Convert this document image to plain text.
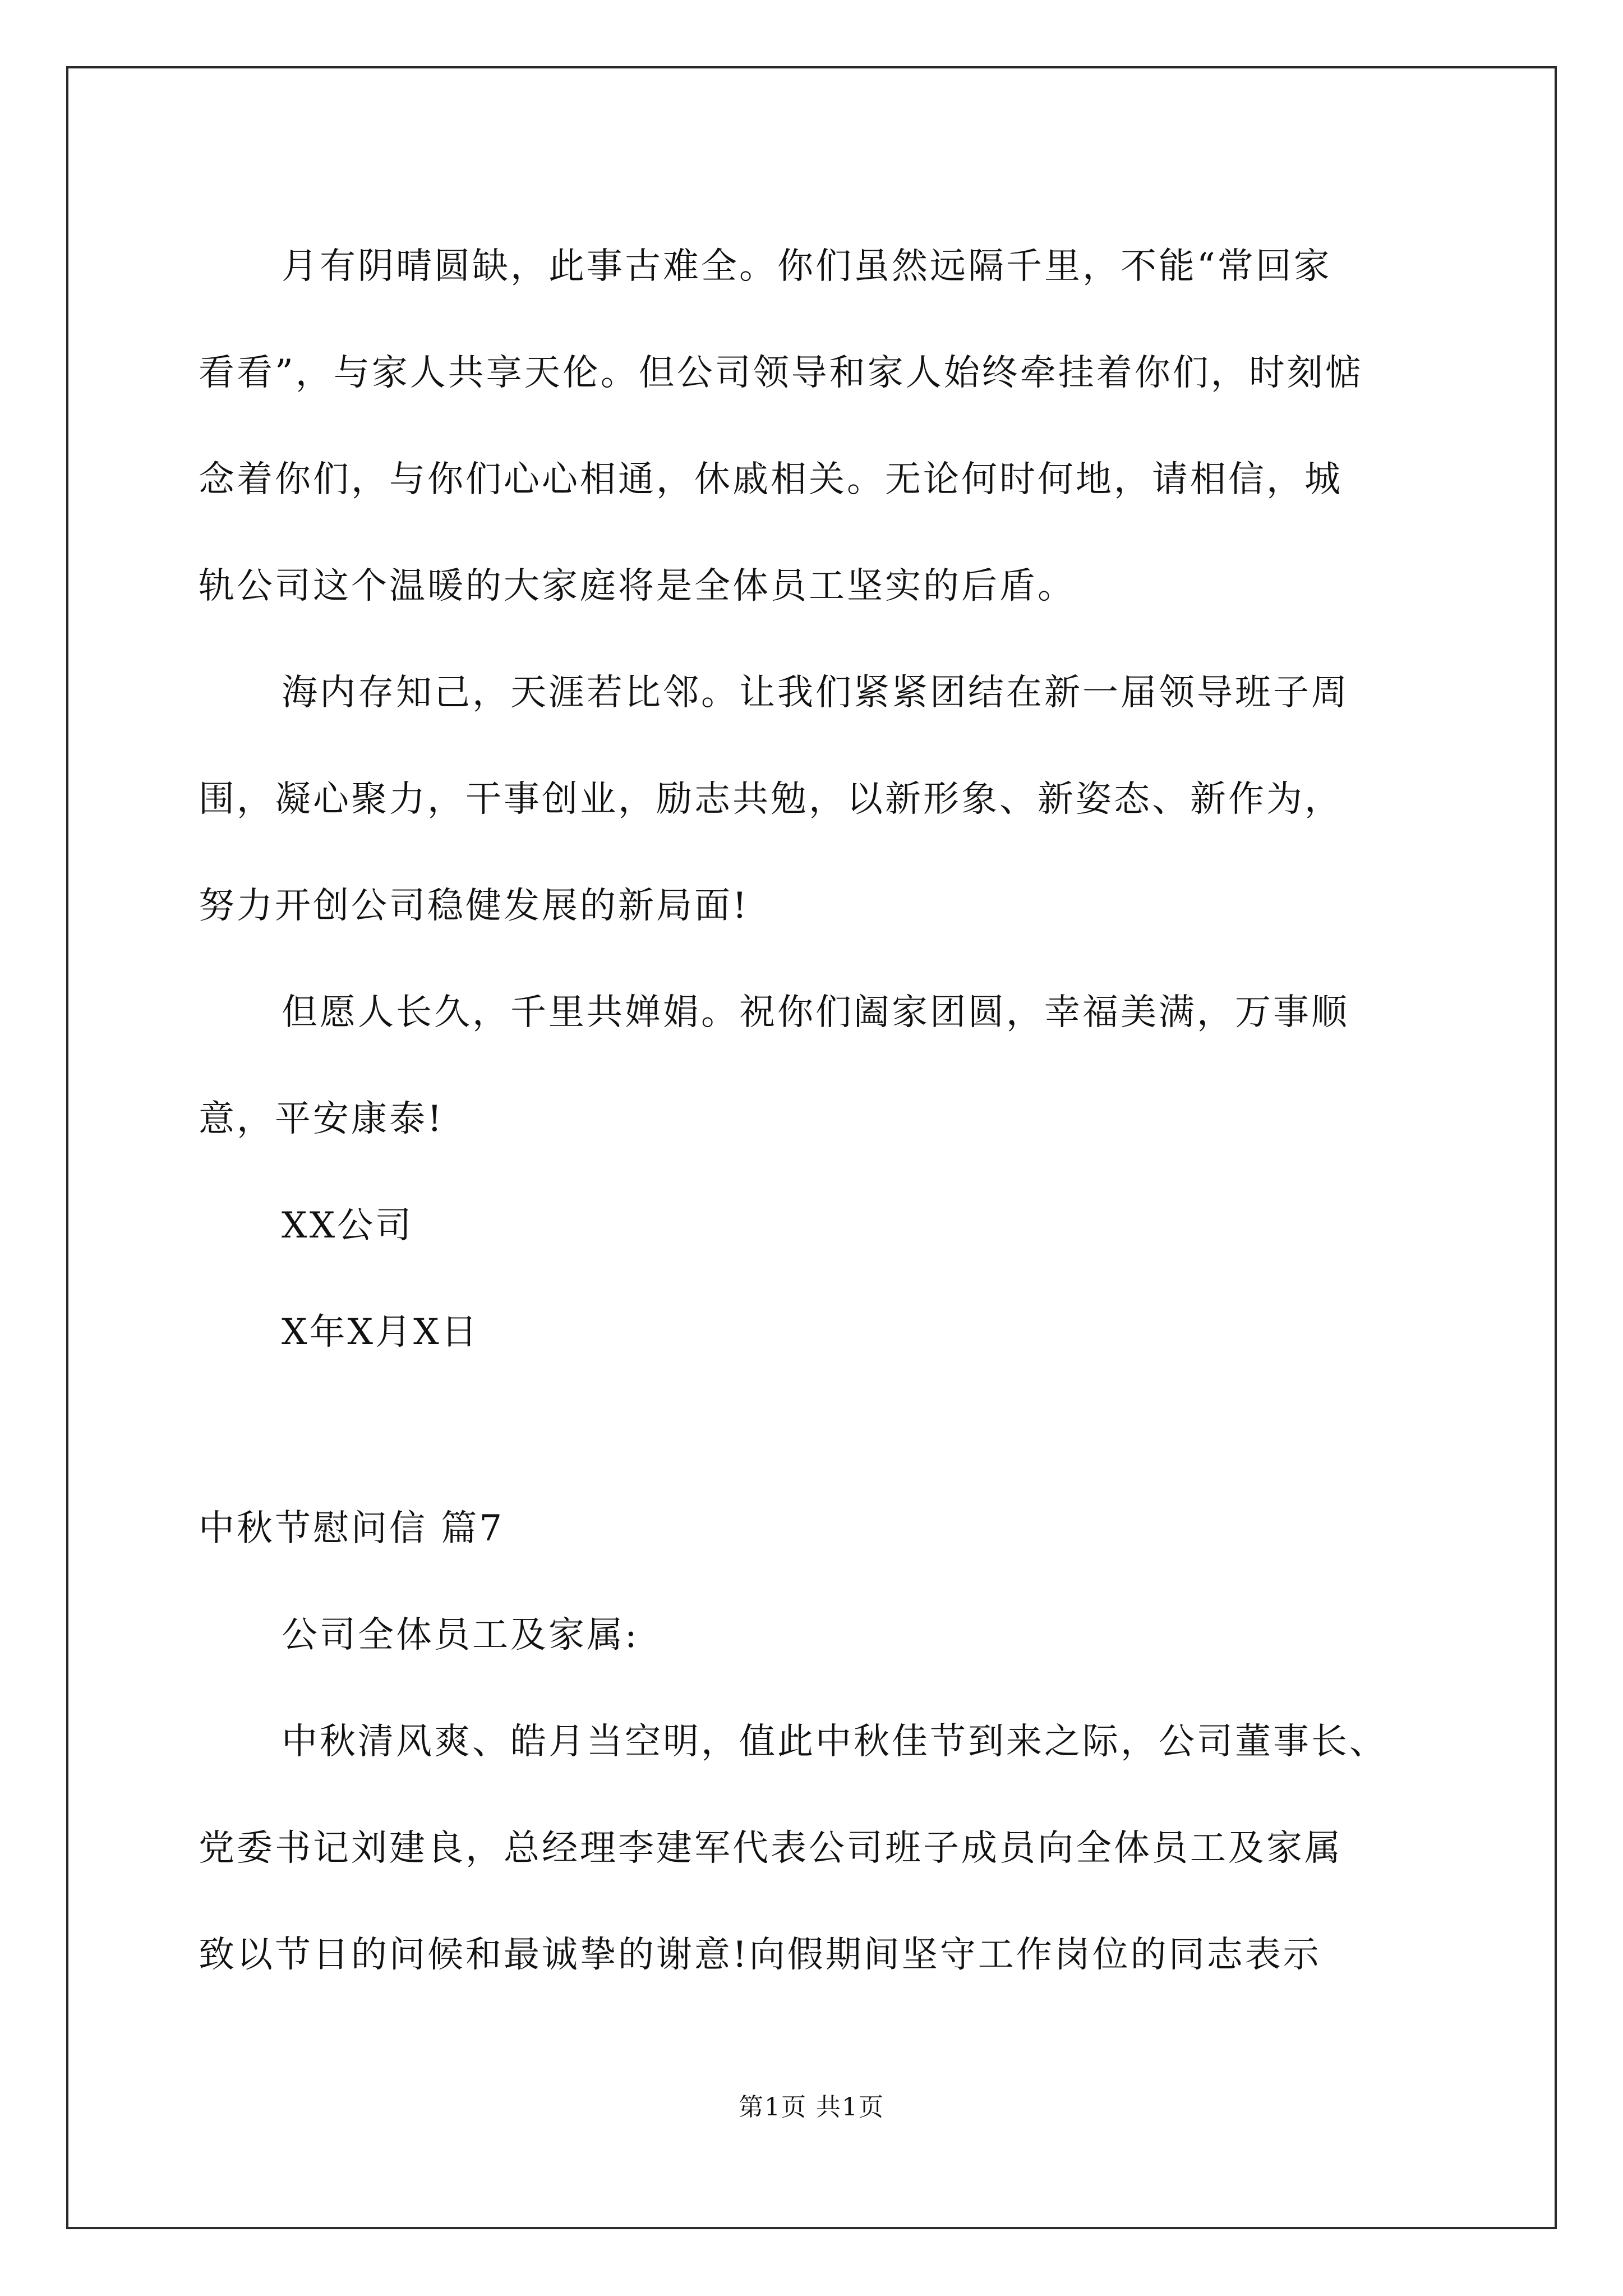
月有阴晴圆缺，此事古难全。你们虽然远隔千里，不能“常回家

看看”，与家人共享天伦。但公司领导和家人始终牵挂着你们，时刻惦

念着你们，与你们心心相通，休戚相关。无论何时何地，请相信，城

轨公司这个温暖的大家庭将是全体员工坚实的后盾。

海内存知己，天涯若比邻。让我们紧紧团结在新一届领导班子周

围，凝心聚力，干事创业，励志共勉，以新形象、新姿态、新作为，

努力开创公司稳健发展的新局面!

但愿人长久，千里共婵娟。祝你们阖家团圆，幸福美满，万事顺

意，平安康泰!

XX公司

X年X月X日

中秋节慰问信 篇7

公司全体员工及家属:

中秋清风爽、皓月当空明，值此中秋佳节到来之际，公司董事长、

党委书记刘建良，总经理李建军代表公司班子成员向全体员工及家属

致以节日的问候和最诚挚的谢意!向假期间坚守工作岗位的同志表示

第1页 共1页
